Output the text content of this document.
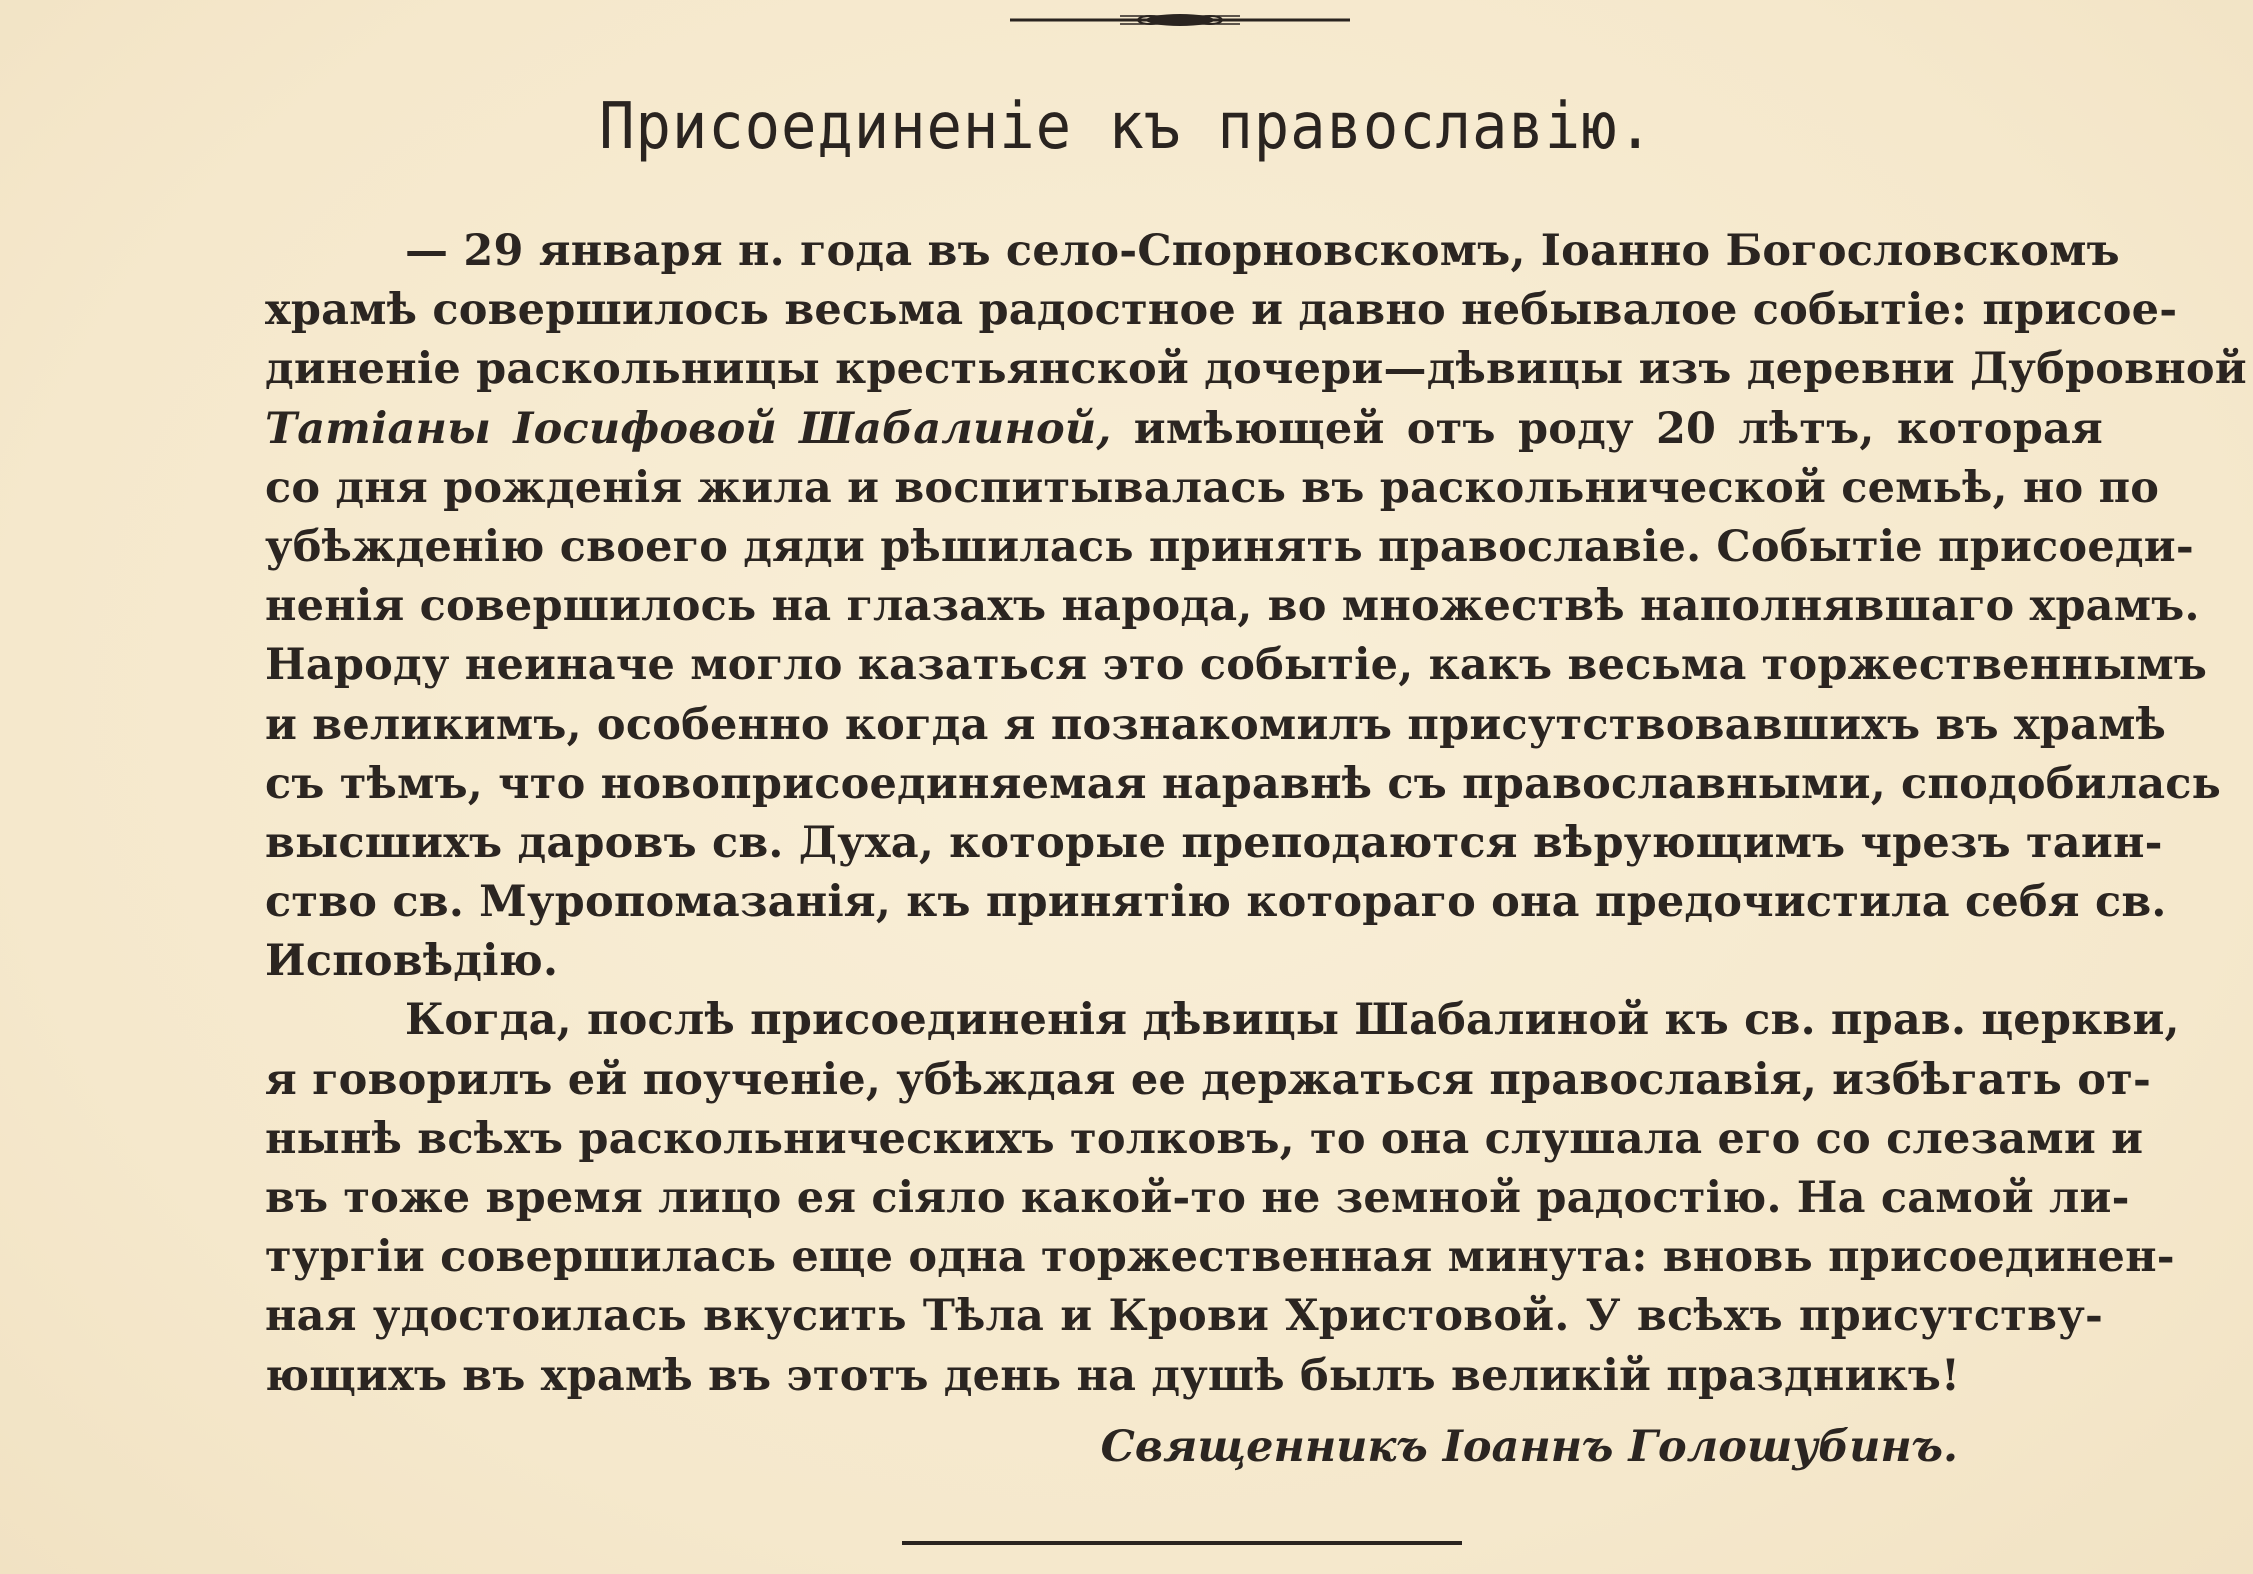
Присоединеніе къ православію.
— 29 января н. года въ село-Спорновскомъ, Іоанно Богословскомъ
храмѣ совершилось весьма радостное и давно небывалое событіе: присое-
диненіе раскольницы крестьянской дочери—дѣвицы изъ деревни Дубровной
Татіаны Іосифовой Шабалиной, имѣющей отъ роду 20 лѣтъ, которая
со дня рожденія жила и воспитывалась въ раскольнической семьѣ, но по
убѣжденію своего дяди рѣшилась принять православіе. Событіе присоеди-
ненія совершилось на глазахъ народа, во множествѣ наполнявшаго храмъ.
Народу неиначе могло казаться это событіе, какъ весьма торжественнымъ
и великимъ, особенно когда я познакомилъ присутствовавшихъ въ храмѣ
съ тѣмъ, что новоприсоединяемая наравнѣ съ православными, сподобилась
высшихъ даровъ св. Духа, которые преподаются вѣрующимъ чрезъ таин-
ство св. Муропомазанія, къ принятію котораго она предочистила себя св.
Исповѣдію.
Когда, послѣ присоединенія дѣвицы Шабалиной къ св. прав. церкви,
я говорилъ ей поученіе, убѣждая ее держаться православія, избѣгать от-
нынѣ всѣхъ раскольническихъ толковъ, то она слушала его со слезами и
въ тоже время лицо ея сіяло какой-то не земной радостію. На самой ли-
тургіи совершилась еще одна торжественная минута: вновь присоединен-
ная удостоилась вкусить Тѣла и Крови Христовой. У всѣхъ присутству-
ющихъ въ храмѣ въ этотъ день на душѣ былъ великій праздникъ!
Священникъ Іоаннъ Голошубинъ.
